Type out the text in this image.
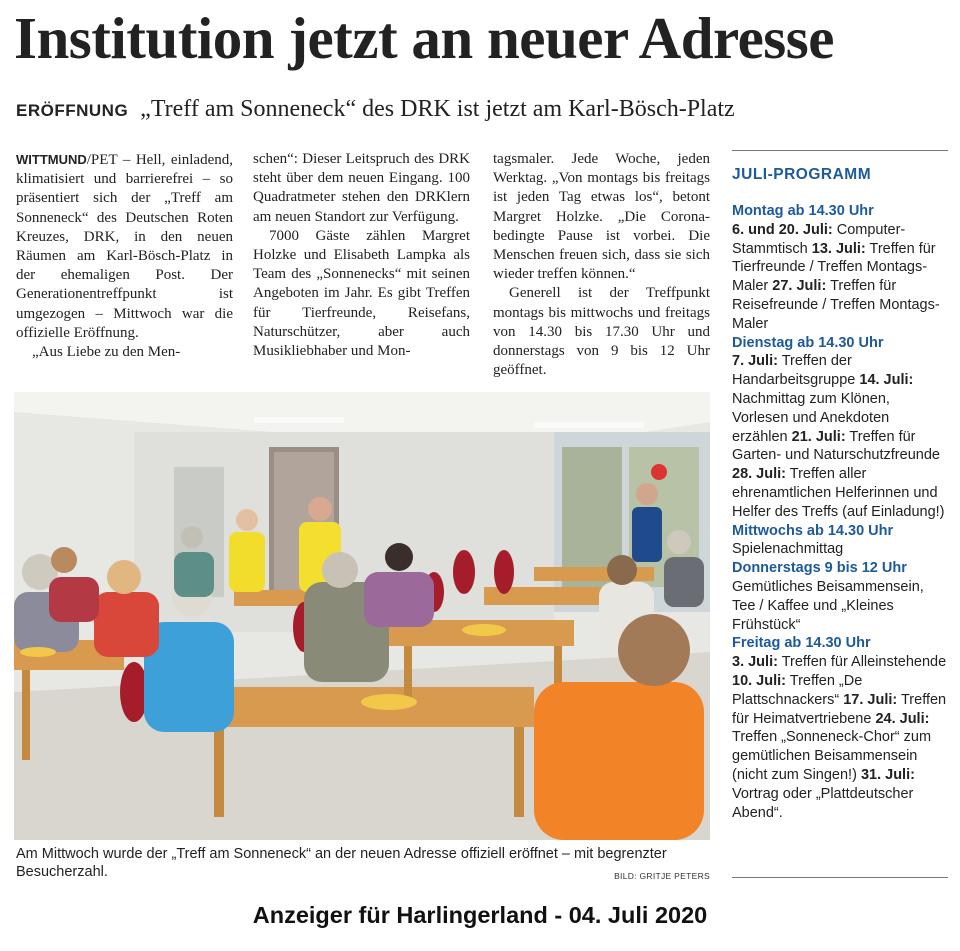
Institution jetzt an neuer Adresse
ERÖFFNUNG „Treff am Sonneneck“ des DRK ist jetzt am Karl-Bösch-Platz

WITTMUND/PET – Hell, einladend, klimatisiert und barrierefrei – so präsentiert sich der „Treff am Sonneneck“ des Deutschen Roten Kreuzes, DRK, in den neuen Räumen am Karl-Bösch-Platz in der ehemaligen Post. Der Generationentreffpunkt ist umgezogen – Mittwoch war die offizielle Eröffnung.

„Aus Liebe zu den Men-

schen“: Dieser Leitspruch des DRK steht über dem neuen Eingang. 100 Quadratmeter stehen den DRKlern am neuen Standort zur Verfügung.

7000 Gäste zählen Margret Holzke und Elisabeth Lampka als Team des „Sonnenecks“ mit seinen Angeboten im Jahr. Es gibt Treffen für Tierfreunde, Reisefans, Naturschützer, aber auch Musikliebhaber und Mon-

tagsmaler. Jede Woche, jeden Werktag. „Von montags bis freitags ist jeden Tag etwas los“, betont Margret Holzke. „Die Corona-bedingte Pause ist vorbei. Die Menschen freuen sich, dass sie sich wieder treffen können.“

Generell ist der Treffpunkt montags bis mittwochs und freitags von 14.30 bis 17.30 Uhr und donnerstags von 9 bis 12 Uhr geöffnet.

Am Mittwoch wurde der „Treff am Sonneneck“ an der neuen Adresse offiziell eröffnet – mit begrenzter Besucherzahl.	BILD: GRITJE PETERS
JULI-PROGRAMM
Montag ab 14.30 Uhr
6. und 20. Juli: Computer-Stammtisch 13. Juli: Treffen für Tierfreunde / Treffen Montags-Maler 27. Juli: Treffen für Reisefreunde / Treffen Montags-Maler
Dienstag ab 14.30 Uhr
7. Juli: Treffen der Handarbeitsgruppe 14. Juli: Nachmittag zum Klönen, Vorlesen und Anekdoten erzählen 21. Juli: Treffen für Garten- und Naturschutzfreunde 28. Juli: Treffen aller ehrenamtlichen Helferinnen und Helfer des Treffs (auf Einladung!)
Mittwochs ab 14.30 Uhr
Spielenachmittag
Donnerstags 9 bis 12 Uhr
Gemütliches Beisammensein, Tee / Kaffee und „Kleines Frühstück“
Freitag ab 14.30 Uhr
3. Juli: Treffen für Alleinstehende 10. Juli: Treffen „De Plattschnackers“ 17. Juli: Treffen für Heimatvertriebene 24. Juli: Treffen „Sonneneck-Chor“ zum gemütlichen Beisammensein (nicht zum Singen!) 31. Juli: Vortrag oder „Plattdeutscher Abend“.
Anzeiger für Harlingerland - 04. Juli 2020
